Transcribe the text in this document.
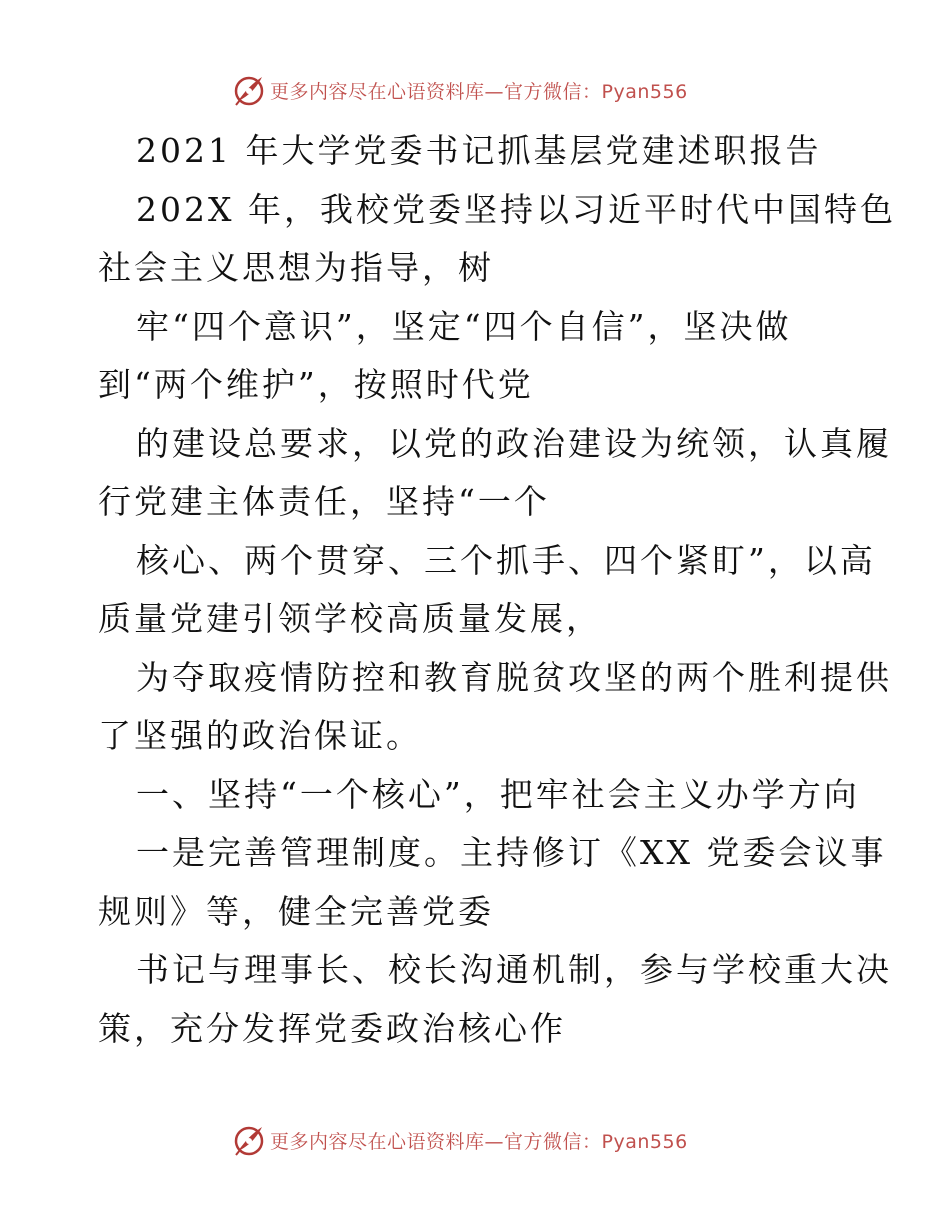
更多内容尽在心语资料库—官方微信：Pyan556
2021 年大学党委书记抓基层党建述职报告
202X 年，我校党委坚持以习近平时代中国特色
社会主义思想为指导，树
牢“四个意识”，坚定“四个自信”，坚决做
到“两个维护”，按照时代党
的建设总要求，以党的政治建设为统领，认真履
行党建主体责任，坚持“一个
核心、两个贯穿、三个抓手、四个紧盯”，以高
质量党建引领学校高质量发展，
为夺取疫情防控和教育脱贫攻坚的两个胜利提供
了坚强的政治保证。
一、坚持“一个核心”，把牢社会主义办学方向
一是完善管理制度。主持修订《XX 党委会议事
规则》等，健全完善党委
书记与理事长、校长沟通机制，参与学校重大决
策，充分发挥党委政治核心作
更多内容尽在心语资料库—官方微信：Pyan556
